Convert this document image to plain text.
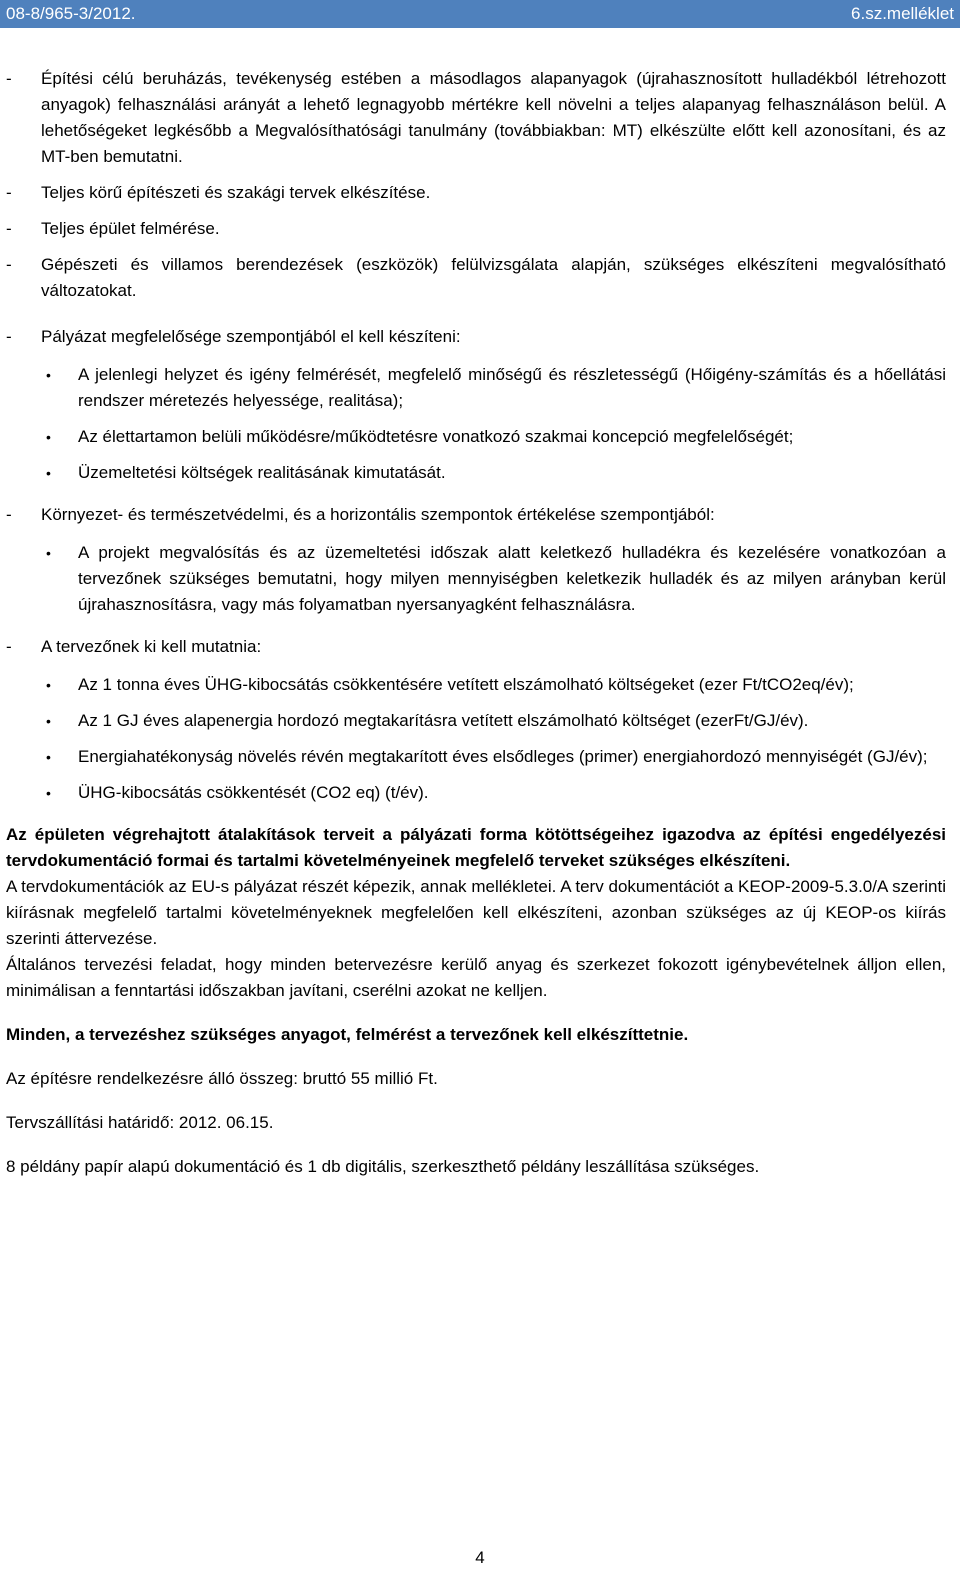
08-8/965-3/2012.	6.sz.melléklet
- Építési célú beruházás, tevékenység estében a másodlagos alapanyagok (újrahasznosított hulladékból létrehozott anyagok) felhasználási arányát a lehető legnagyobb mértékre kell növelni a teljes alapanyag felhasználáson belül. A lehetőségeket legkésőbb a Megvalósíthatósági tanulmány (továbbiakban: MT) elkészülte előtt kell azonosítani, és az MT-ben bemutatni.
- Teljes körű építészeti és szakági tervek elkészítése.
- Teljes épület felmérése.
- Gépészeti és villamos berendezések (eszközök) felülvizsgálata alapján, szükséges elkészíteni megvalósítható változatokat.
- Pályázat megfelelősége szempontjából el kell készíteni:
• A jelenlegi helyzet és igény felmérését, megfelelő minőségű és részletességű (Hőigény-számítás és a hőellátási rendszer méretezés helyessége, realitása);
• Az élettartamon belüli működésre/működtetésre vonatkozó szakmai koncepció megfelelőségét;
• Üzemeltetési költségek realitásának kimutatását.
- Környezet- és természetvédelmi, és a horizontális szempontok értékelése szempontjából:
• A projekt megvalósítás és az üzemeltetési időszak alatt keletkező hulladékra és kezelésére vonatkozóan a tervezőnek szükséges bemutatni, hogy milyen mennyiségben keletkezik hulladék és az milyen arányban kerül újrahasznosításra, vagy más folyamatban nyersanyagként felhasználásra.
- A tervezőnek ki kell mutatnia:
• Az 1 tonna éves ÜHG-kibocsátás csökkentésére vetített elszámolható költségeket (ezer Ft/tCO2eq/év);
• Az 1 GJ éves alapenergia hordozó megtakarításra vetített elszámolható költséget (ezerFt/GJ/év).
• Energiahatékonyság növelés révén megtakarított éves elsődleges (primer) energiahordozó mennyiségét (GJ/év);
• ÜHG-kibocsátás csökkentését (CO2 eq) (t/év).

Az épületen végrehajtott átalakítások terveit a pályázati forma kötöttségeihez igazodva az építési engedélyezési tervdokumentáció formai és tartalmi követelményeinek megfelelő terveket szükséges elkészíteni.

A tervdokumentációk az EU-s pályázat részét képezik, annak mellékletei. A terv dokumentációt a KEOP-2009-5.3.0/A szerinti kiírásnak megfelelő tartalmi követelményeknek megfelelően kell elkészíteni, azonban szükséges az új KEOP-os kiírás szerinti áttervezése.

Általános tervezési feladat, hogy minden betervezésre kerülő anyag és szerkezet fokozott igénybevételnek álljon ellen, minimálisan a fenntartási időszakban javítani, cserélni azokat ne kelljen.

Minden, a tervezéshez szükséges anyagot, felmérést a tervezőnek kell elkészíttetnie.

Az építésre rendelkezésre álló összeg: bruttó 55 millió Ft.

Tervszállítási határidő: 2012. 06.15.

8 példány papír alapú dokumentáció és 1 db digitális, szerkeszthető példány leszállítása szükséges.

4
